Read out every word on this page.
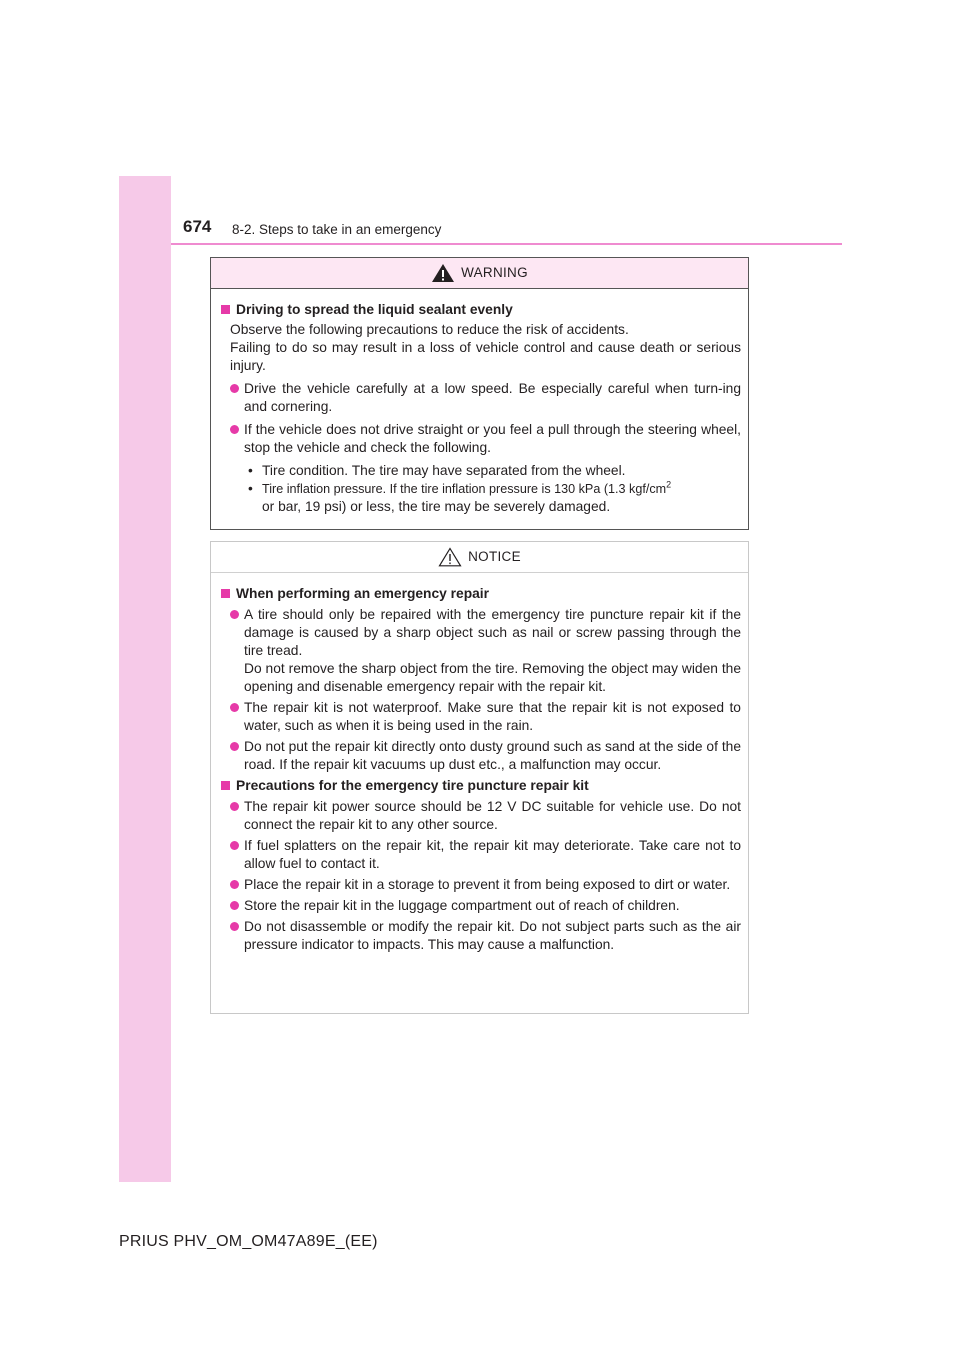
674 8-2. Steps to take in an emergency
WARNING
Driving to spread the liquid sealant evenly
Observe the following precautions to reduce the risk of accidents.
Failing to do so may result in a loss of vehicle control and cause death or serious injury.
Drive the vehicle carefully at a low speed. Be especially careful when turn-ing and cornering.
If the vehicle does not drive straight or you feel a pull through the steering wheel, stop the vehicle and check the following.
• Tire condition. The tire may have separated from the wheel.
• Tire inflation pressure. If the tire inflation pressure is 130 kPa (1.3 kgf/$cm^2$
or bar, 19 psi) or less, the tire may be severely damaged.
NOTICE
When performing an emergency repair
A tire should only be repaired with the emergency tire puncture repair kit if the damage is caused by a sharp object such as nail or screw passing through the tire tread.
Do not remove the sharp object from the tire. Removing the object may widen the opening and disenable emergency repair with the repair kit.
The repair kit is not waterproof. Make sure that the repair kit is not exposed to water, such as when it is being used in the rain.
Do not put the repair kit directly onto dusty ground such as sand at the side of the road. If the repair kit vacuums up dust etc., a malfunction may occur.
Precautions for the emergency tire puncture repair kit
The repair kit power source should be 12 V DC suitable for vehicle use. Do not connect the repair kit to any other source.
If fuel splatters on the repair kit, the repair kit may deteriorate. Take care not to allow fuel to contact it.
Place the repair kit in a storage to prevent it from being exposed to dirt or water.
Store the repair kit in the luggage compartment out of reach of children.
Do not disassemble or modify the repair kit. Do not subject parts such as the air pressure indicator to impacts. This may cause a malfunction.
PRIUS PHV_OM_OM47A89E_(EE)
